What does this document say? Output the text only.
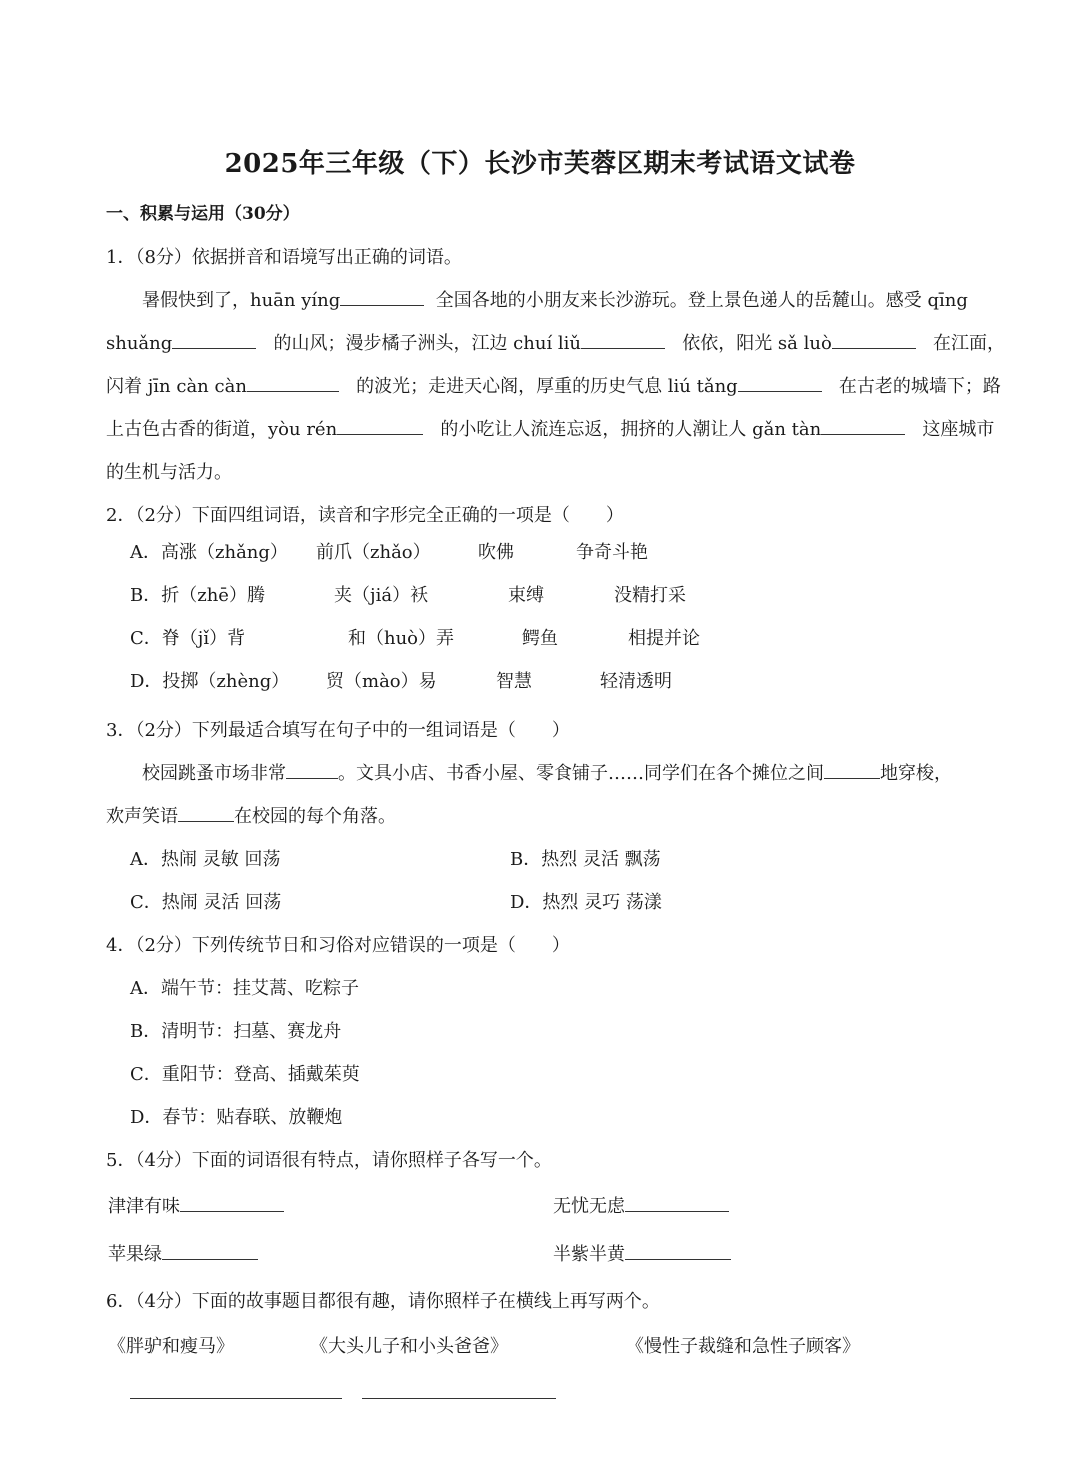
2025年三年级（下）长沙市芙蓉区期末考试语文试卷
一、积累与运用（30分）
1．（8分）依据拼音和语境写出正确的词语。
暑假快到了，huān yíng	全国各地的小朋友来长沙游玩。登上景色递人的岳麓山。感受 qīng
shuǎng	的山风；漫步橘子洲头，江边 chuí liǔ	依依，阳光 sǎ luò	在江面，
闪着 jīn càn càn	的波光；走进天心阁，厚重的历史气息 liú tǎng	在古老的城墙下；路
上古色古香的街道，yòu rén	的小吃让人流连忘返，拥挤的人潮让人 gǎn tàn	这座城市
的生机与活力。
2．（2分）下面四组词语，读音和字形完全正确的一项是（　　）
A．高涨（zhǎng） 前爪（zhǎo）	吹佛	争奇斗艳
B．折（zhē）腾	夹（jiá）袄	束缚	没精打采
C．脊（jǐ）背	和（huò）弄	鳄鱼	相提并论
D．投掷（zhèng） 贸（mào）易	智慧	轻清透明
3．（2分）下列最适合填写在句子中的一组词语是（　　）
校园跳蚤市场非常	。文具小店、书香小屋、零食铺子……同学们在各个摊位之间	地穿梭，
欢声笑语	在校园的每个角落。
A．热闹 灵敏 回荡	B．热烈 灵活 飘荡
C．热闹 灵活 回荡	D．热烈 灵巧 荡漾
4．（2分）下列传统节日和习俗对应错误的一项是（　　）
A．端午节：挂艾蒿、吃粽子
B．清明节：扫墓、赛龙舟
C．重阳节：登高、插戴茱萸
D．春节：贴春联、放鞭炮
5．（4分）下面的词语很有特点，请你照样子各写一个。
津津有味	无忧无虑
苹果绿	半紫半黄
6．（4分）下面的故事题目都很有趣，请你照样子在横线上再写两个。
《胖驴和瘦马》	《大头儿子和小头爸爸》	《慢性子裁缝和急性子顾客》
